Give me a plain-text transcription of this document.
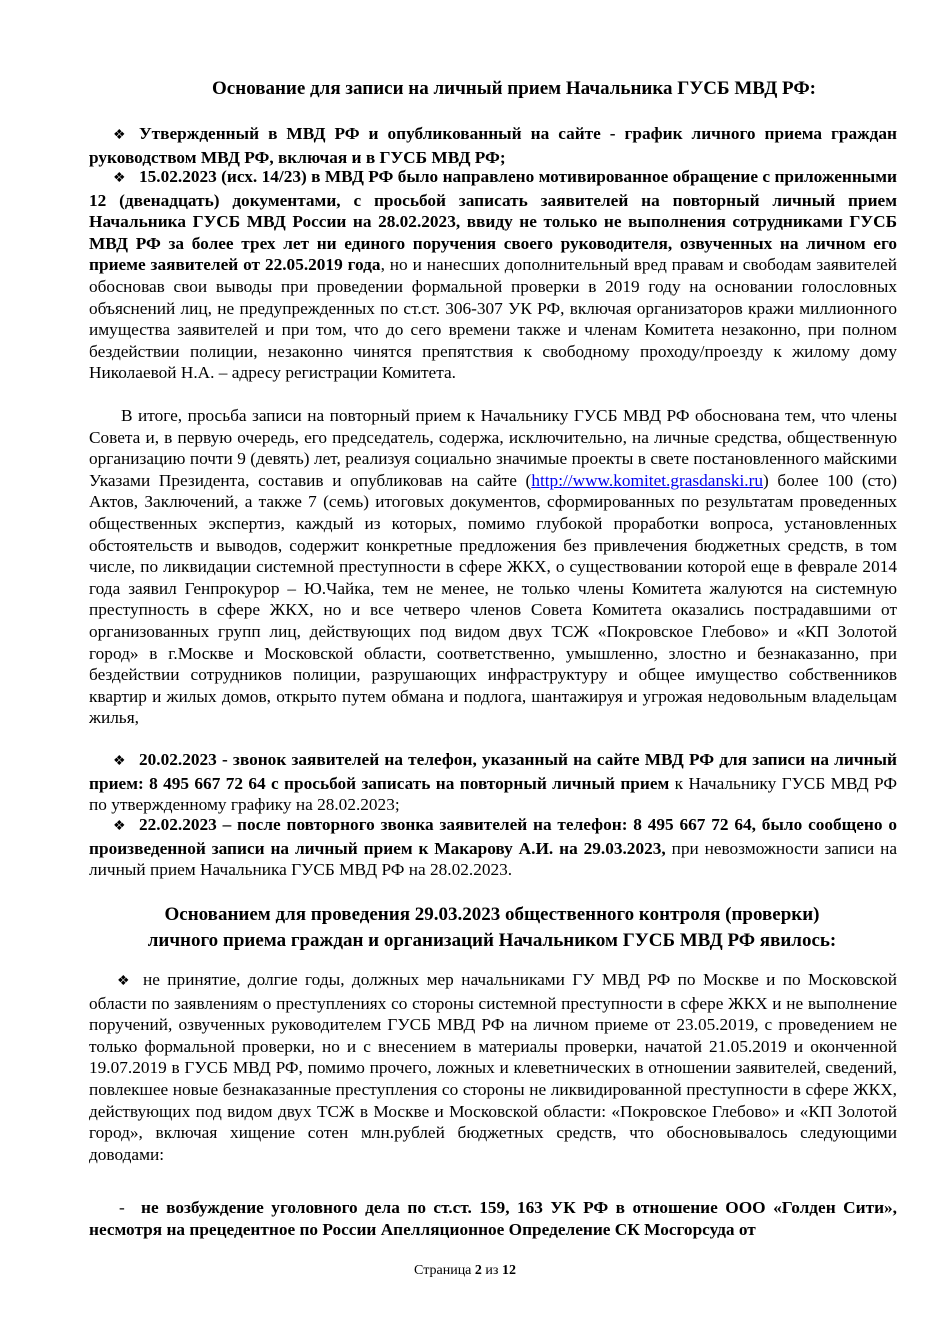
Основание для записи на личный прием Начальника ГУСБ МВД РФ:
❖ Утвержденный в МВД РФ и опубликованный на сайте - график личного приема граждан руководством МВД РФ, включая и в ГУСБ МВД РФ;
❖ 15.02.2023 (исх. 14/23) в МВД РФ было направлено мотивированное обращение с приложенными 12 (двенадцать) документами, с просьбой записать заявителей на повторный личный прием Начальника ГУСБ МВД России на 28.02.2023, ввиду не только не выполнения сотрудниками ГУСБ МВД РФ за более трех лет ни единого поручения своего руководителя, озвученных на личном его приеме заявителей от 22.05.2019 года, но и нанесших дополнительный вред правам и свободам заявителей обосновав свои выводы при проведении формальной проверки в 2019 году на основании голословных объяснений лиц, не предупрежденных по ст.ст. 306-307 УК РФ, включая организаторов кражи миллионного имущества заявителей и при том, что до сего времени также и членам Комитета незаконно, при полном бездействии полиции, незаконно чинятся препятствия к свободному проходу/проезду к жилому дому Николаевой Н.А. – адресу регистрации Комитета.
В итоге, просьба записи на повторный прием к Начальнику ГУСБ МВД РФ обоснована тем, что члены Совета и, в первую очередь, его председатель, содержа, исключительно, на личные средства, общественную организацию почти 9 (девять) лет, реализуя социально значимые проекты в свете постановленного майскими Указами Президента, составив и опубликовав на сайте (http://www.komitet.grasdanski.ru) более 100 (сто) Актов, Заключений, а также 7 (семь) итоговых документов, сформированных по результатам проведенных общественных экспертиз, каждый из которых, помимо глубокой проработки вопроса, установленных обстоятельств и выводов, содержит конкретные предложения без привлечения бюджетных средств, в том числе, по ликвидации системной преступности в сфере ЖКХ, о существовании которой еще в феврале 2014 года заявил Генпрокурор – Ю.Чайка, тем не менее, не только члены Комитета жалуются на системную преступность в сфере ЖКХ, но и все четверо членов Совета Комитета оказались пострадавшими от организованных групп лиц, действующих под видом двух ТСЖ «Покровское Глебово» и «КП Золотой город» в г.Москве и Московской области, соответственно, умышленно, злостно и безнаказанно, при бездействии сотрудников полиции, разрушающих инфраструктуру и общее имущество собственников квартир и жилых домов, открыто путем обмана и подлога, шантажируя и угрожая недовольным владельцам жилья,
❖ 20.02.2023 - звонок заявителей на телефон, указанный на сайте МВД РФ для записи на личный прием: 8 495 667 72 64 с просьбой записать на повторный личный прием к Начальнику ГУСБ МВД РФ по утвержденному графику на 28.02.2023;
❖ 22.02.2023 – после повторного звонка заявителей на телефон: 8 495 667 72 64, было сообщено о произведенной записи на личный прием к Макарову А.И. на 29.03.2023, при невозможности записи на личный прием Начальника ГУСБ МВД РФ на 28.02.2023.
Основанием для проведения 29.03.2023 общественного контроля (проверки)
личного приема граждан и организаций Начальником ГУСБ МВД РФ явилось:
❖ не принятие, долгие годы, должных мер начальниками ГУ МВД РФ по Москве и по Московской области по заявлениям о преступлениях со стороны системной преступности в сфере ЖКХ и не выполнение поручений, озвученных руководителем ГУСБ МВД РФ на личном приеме от 23.05.2019, с проведением не только формальной проверки, но и с внесением в материалы проверки, начатой 21.05.2019 и оконченной 19.07.2019 в ГУСБ МВД РФ, помимо прочего, ложных и клеветнических в отношении заявителей, сведений, повлекшее новые безнаказанные преступления со стороны не ликвидированной преступности в сфере ЖКХ, действующих под видом двух ТСЖ в Москве и Московской области: «Покровское Глебово» и «КП Золотой город», включая хищение сотен млн.рублей бюджетных средств, что обосновывалось следующими доводами:
- не возбуждение уголовного дела по ст.ст. 159, 163 УК РФ в отношение ООО «Голден Сити», несмотря на прецедентное по России Апелляционное Определение СК Мосгорсуда от
Страница 2 из 12
